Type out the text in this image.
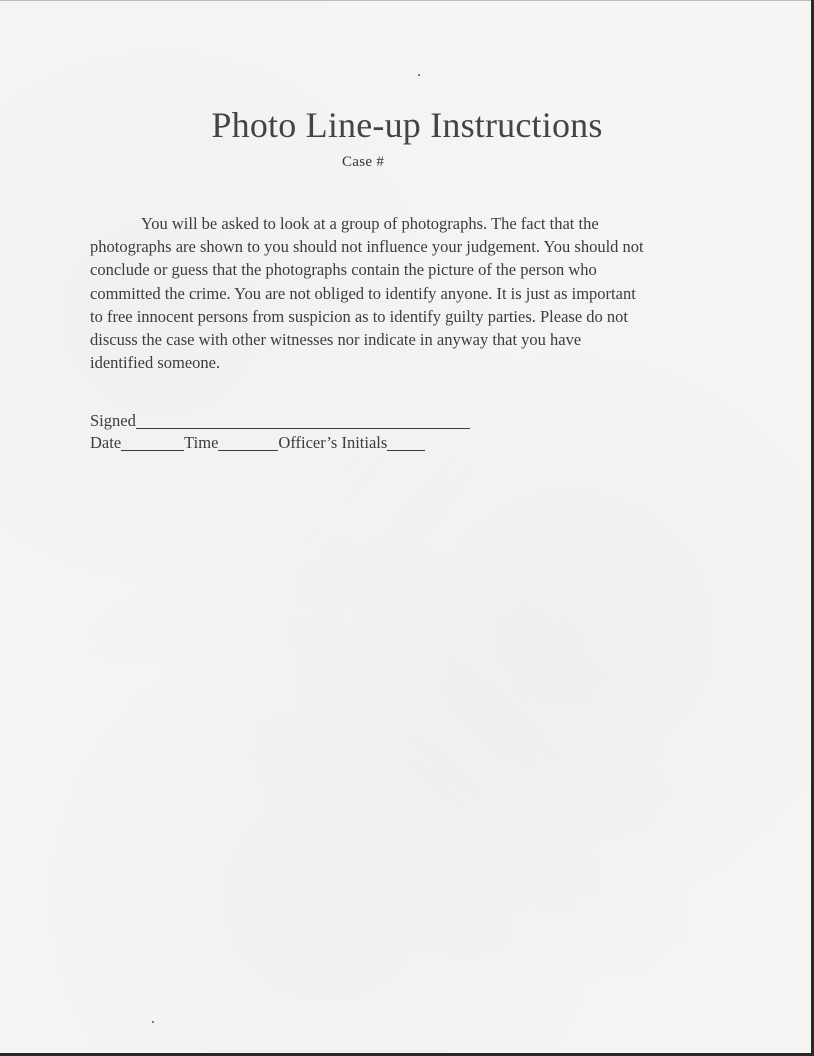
Photo Line-up Instructions
Case #
You will be asked to look at a group of photographs. The fact that the
photographs are shown to you should not influence your judgement. You should not
conclude or guess that the photographs contain the picture of the person who
committed the crime. You are not obliged to identify anyone. It is just as important
to free innocent persons from suspicion as to identify guilty parties. Please do not
discuss the case with other witnesses nor indicate in anyway that you have
identified someone.
Signed
Date	Time	Officer’s Initials
